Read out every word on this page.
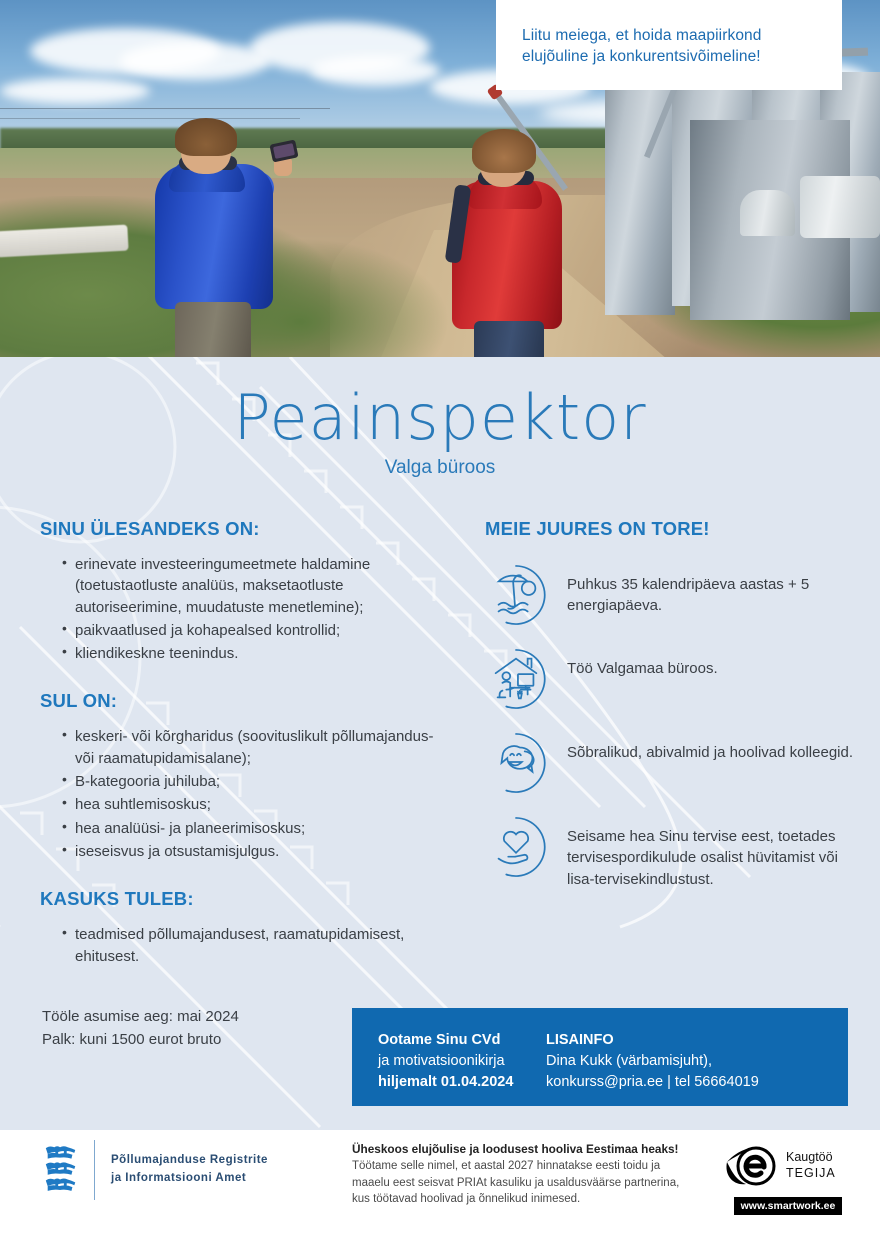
Liitu meiega, et hoida maapiirkond
elujõuline ja konkurentsivõimeline!

Peainspektor
Valga büroos
SINU ÜLESANDEKS ON:
• erinevate investeeringumeetmete haldamine (toetustaotluste analüüs, maksetaotluste autoriseerimine, muudatuste menetlemine);
• paikvaatlused ja kohapealsed kontrollid;
• kliendikeskne teenindus.
SUL ON:
• keskeri- või kõrgharidus (soovituslikult põllumajandus- või raamatupidamisalane);
• B-kategooria juhiluba;
• hea suhtlemisoskus;
• hea analüüsi- ja planeerimisoskus;
• iseseisvus ja otsustamisjulgus.
KASUKS TULEB:
• teadmised põllumajandusest, raamatupidamisest, ehitusest.
MEIE JUURES ON TORE!
Puhkus 35 kalendripäeva aastas + 5 energiapäeva.
Töö Valgamaa büroos.
Sõbralikud, abivalmid ja hoolivad kolleegid.
Seisame hea Sinu tervise eest, toetades tervisespordikulude osalist hüvitamist või lisa-tervisekindlustust.
Tööle asumise aeg: mai 2024
Palk: kuni 1500 eurot bruto	Ootame Sinu CVd
ja motivatsioonikirja
hiljemalt 01.04.2024
LISAINFO
Dina Kukk (värbamisjuht),
konkurss@pria.ee | tel 56664019
Põllumajanduse Registrite
ja Informatsiooni Amet
Üheskoos elujõulise ja loodusest hooliva Eestimaa heaks!

Töötame selle nimel, et aastal 2027 hinnatakse eesti toidu ja maaelu eest seisvat PRIAt kasuliku ja usaldusväärse partnerina, kus töötavad hoolivad ja õnnelikud inimesed.

Kaugtöö
TEGIJA
www.smartwork.ee
